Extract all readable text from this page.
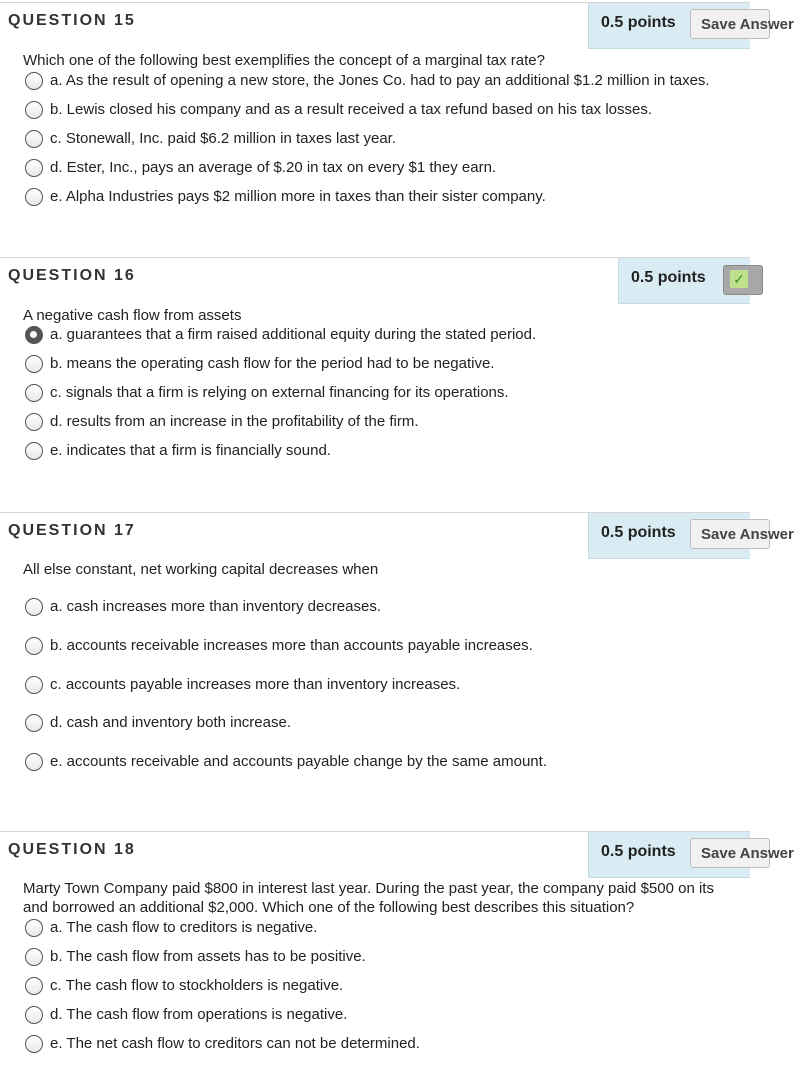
QUESTION 15	0.5 points	Save Answer
Which one of the following best exemplifies the concept of a marginal tax rate?
a. As the result of opening a new store, the Jones Co. had to pay an additional $1.2 million in taxes.
b. Lewis closed his company and as a result received a tax refund based on his tax losses.
c. Stonewall, Inc. paid $6.2 million in taxes last year.
d. Ester, Inc., pays an average of $.20 in tax on every $1 they earn.
e. Alpha Industries pays $2 million more in taxes than their sister company.
QUESTION 16	0.5 points ✓
A negative cash flow from assets
a. guarantees that a firm raised additional equity during the stated period.
b. means the operating cash flow for the period had to be negative.
c. signals that a firm is relying on external financing for its operations.
d. results from an increase in the profitability of the firm.
e. indicates that a firm is financially sound.
QUESTION 17	0.5 points	Save Answer
All else constant, net working capital decreases when
a. cash increases more than inventory decreases.
b. accounts receivable increases more than accounts payable increases.
c. accounts payable increases more than inventory increases.
d. cash and inventory both increase.
e. accounts receivable and accounts payable change by the same amount.
QUESTION 18	0.5 points	Save Answer
Marty Town Company paid $800 in interest last year. During the past year, the company paid $500 on its
and borrowed an additional $2,000. Which one of the following best describes this situation?
a. The cash flow to creditors is negative.
b. The cash flow from assets has to be positive.
c. The cash flow to stockholders is negative.
d. The cash flow from operations is negative.
e. The net cash flow to creditors can not be determined.
